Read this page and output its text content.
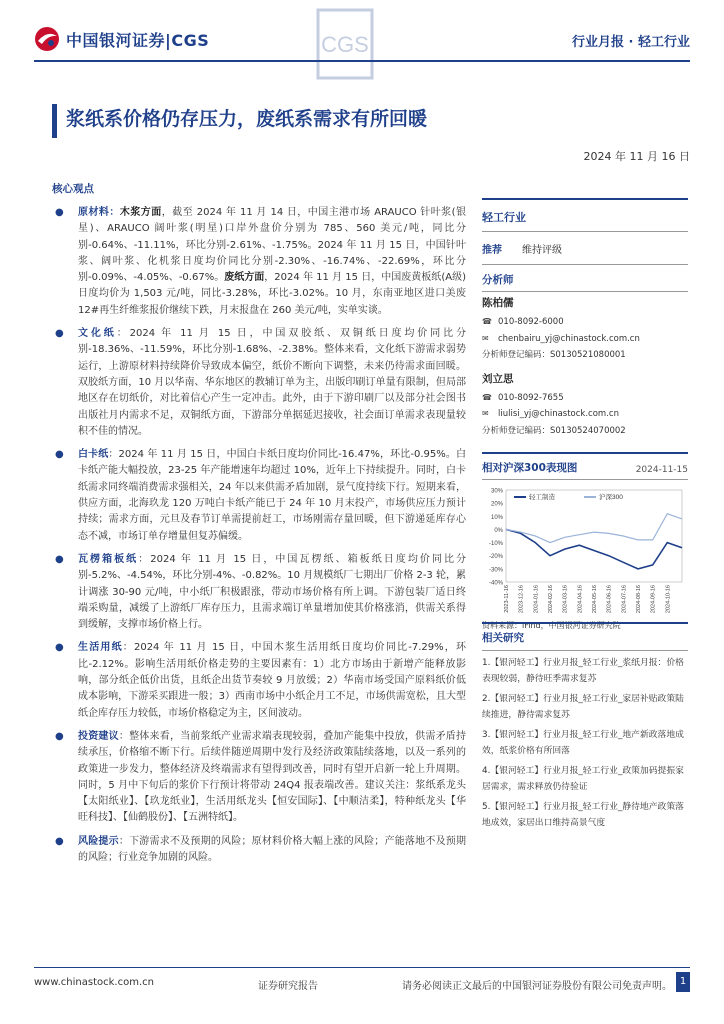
中国银河证券|CGS	CGS	行业月报 · 轻工行业
浆纸系价格仍存压力，废纸系需求有所回暖
2024 年 11 月 16 日
核心观点

● 原材料：木浆方面，截至 2024 年 11 月 14 日，中国主港市场 ARAUCO 针叶浆(银星)、ARAUCO 阔叶浆(明星)口岸外盘价分别为 785、560 美元/吨，同比分别-0.64%、-11.11%，环比分别-2.61%、-1.75%。2024 年 11 月 15 日，中国针叶浆、阔叶浆、化机浆日度均价同比分别-2.30%、-16.74%、-22.69%，环比分别-0.09%、-4.05%、-0.67%。废纸方面，2024 年 11 月 15 日，中国废黄板纸(A级)日度均价为 1,503 元/吨，同比-3.28%，环比-3.02%。10 月，东南亚地区进口美废 12#再生纤维浆报价继续下跌，月末报盘在 260 美元/吨，实单实谈。

● 文化纸：2024 年 11 月 15 日，中国双胶纸、双铜纸日度均价同比分别-18.36%、-11.59%，环比分别-1.68%、-2.38%。整体来看，文化纸下游需求弱势运行，上游原材料持续降价导致成本偏空，纸价不断向下调整，未来仍待需求面回暖。双胶纸方面，10 月以华南、华东地区的教辅订单为主，出版印刷订单量有限制，但局部地区存在切纸价，对比着信心产生一定冲击。此外，由于下游印刷厂以及部分社会图书出版社月内需求不足，双铜纸方面，下游部分单据延迟接收，社会面订单需求表现量较积不佳的情况。

● 白卡纸：2024 年 11 月 15 日，中国白卡纸日度均价同比-16.47%，环比-0.95%。白卡纸产能大幅投放，23-25 年产能增速年均超过 10%，近年上下持续提升。同时，白卡纸需求同终端消费需求强相关，24 年以来供需矛盾加剧，景气度持续下行。短期来看，供应方面，北海玖龙 120 万吨白卡纸产能已于 24 年 10 月末投产，市场供应压力预计持续；需求方面，元旦及春节订单需提前赶工，市场刚需存量回暖，但下游递延库存心态不减，市场订单存增量但复苏偏缓。

● 瓦楞箱板纸：2024 年 11 月 15 日，中国瓦楞纸、箱板纸日度均价同比分别-5.2%、-4.54%，环比分别-4%、-0.82%。10 月规模纸厂七期出厂价格 2-3 轮，累计调涨 30-90 元/吨，中小纸厂积极跟涨，带动市场价格有所上调。下游包装厂适日终端采购量，减缓了上游纸厂库存压力，且需求端订单量增加使其价格涨消，供需关系得到缓解，支撑市场价格上行。

● 生活用纸：2024 年 11 月 15 日，中国木浆生活用纸日度均价同比-7.29%，环比-2.12%。影响生活用纸价格走势的主要因素有：1）北方市场由于新增产能释放影响，部分纸企低价出货，且纸企出货节奏较 9 月放缓；2）华南市场受国产原料纸价低成本影响，下游采买跟进一般；3）西南市场中小纸企月工不足，市场供需宽松，且大型纸企库存压力较低，市场价格稳定为主，区间波动。

● 投资建议：整体来看，当前浆纸产业需求端表现较弱，叠加产能集中投放，供需矛盾持续承压，价格缩不断下行。后续伴随逆周期中发行及经济政策陆续落地，以及一系列的政策进一步发力，整体经济及终端需求有望得到改善，同时有望开启新一轮上升周期。同时，5 月中下旬后的浆价下行预计将带动 24Q4 报表端改善。建议关注：浆纸系龙头【太阳纸业】、【玖龙纸业】，生活用纸龙头【恒安国际】、【中顺洁柔】，特种纸龙头【华旺科技】、【仙鹤股份】、【五洲特纸】。

● 风险提示：下游需求不及预期的风险；原材料价格大幅上涨的风险；产能落地不及预期的风险；行业竞争加剧的风险。

轻工行业
推荐 维持评级
分析师
陈柏儒
☎ 010-8092-6000
✉	chenbairu_yj@chinastock.com.cn
分析师登记编码：S0130521080001
刘立思
☎ 010-8092-7655
✉	liulisi_yj@chinastock.com.cn
分析师登记编码：S0130524070002
相对沪深300表现图	2024-11-15
30%
20%
10%
0%
-10%
-20%
-30%
-40%
2023-11-16 2023-12-16 2024-01-16 2024-02-16 2024-03-16 2024-04-16 2024-05-16 2024-06-16 2024-07-16 2024-08-16 2024-09-16 2024-10-16
轻工制造	沪深300
资料来源：iFind，中国银河证券研究院
相关研究
1.【银河轻工】行业月报_轻工行业_浆纸月报：价格表现较弱，静待旺季需求复苏
2.【银河轻工】行业月报_轻工行业_家居补贴政策陆续推进，静待需求复苏
3.【银河轻工】行业月报_轻工行业_地产新政落地成效，纸浆价格有所回落
4.【银河轻工】行业月报_轻工行业_政策加码提振家居需求，需求释放仍待验证
5.【银河轻工】行业月报_轻工行业_静待地产政策落地成效，家居出口维持高景气度
www.chinastock.com.cn	证券研究报告	请务必阅读正文最后的中国银河证券股份有限公司免责声明。 1
